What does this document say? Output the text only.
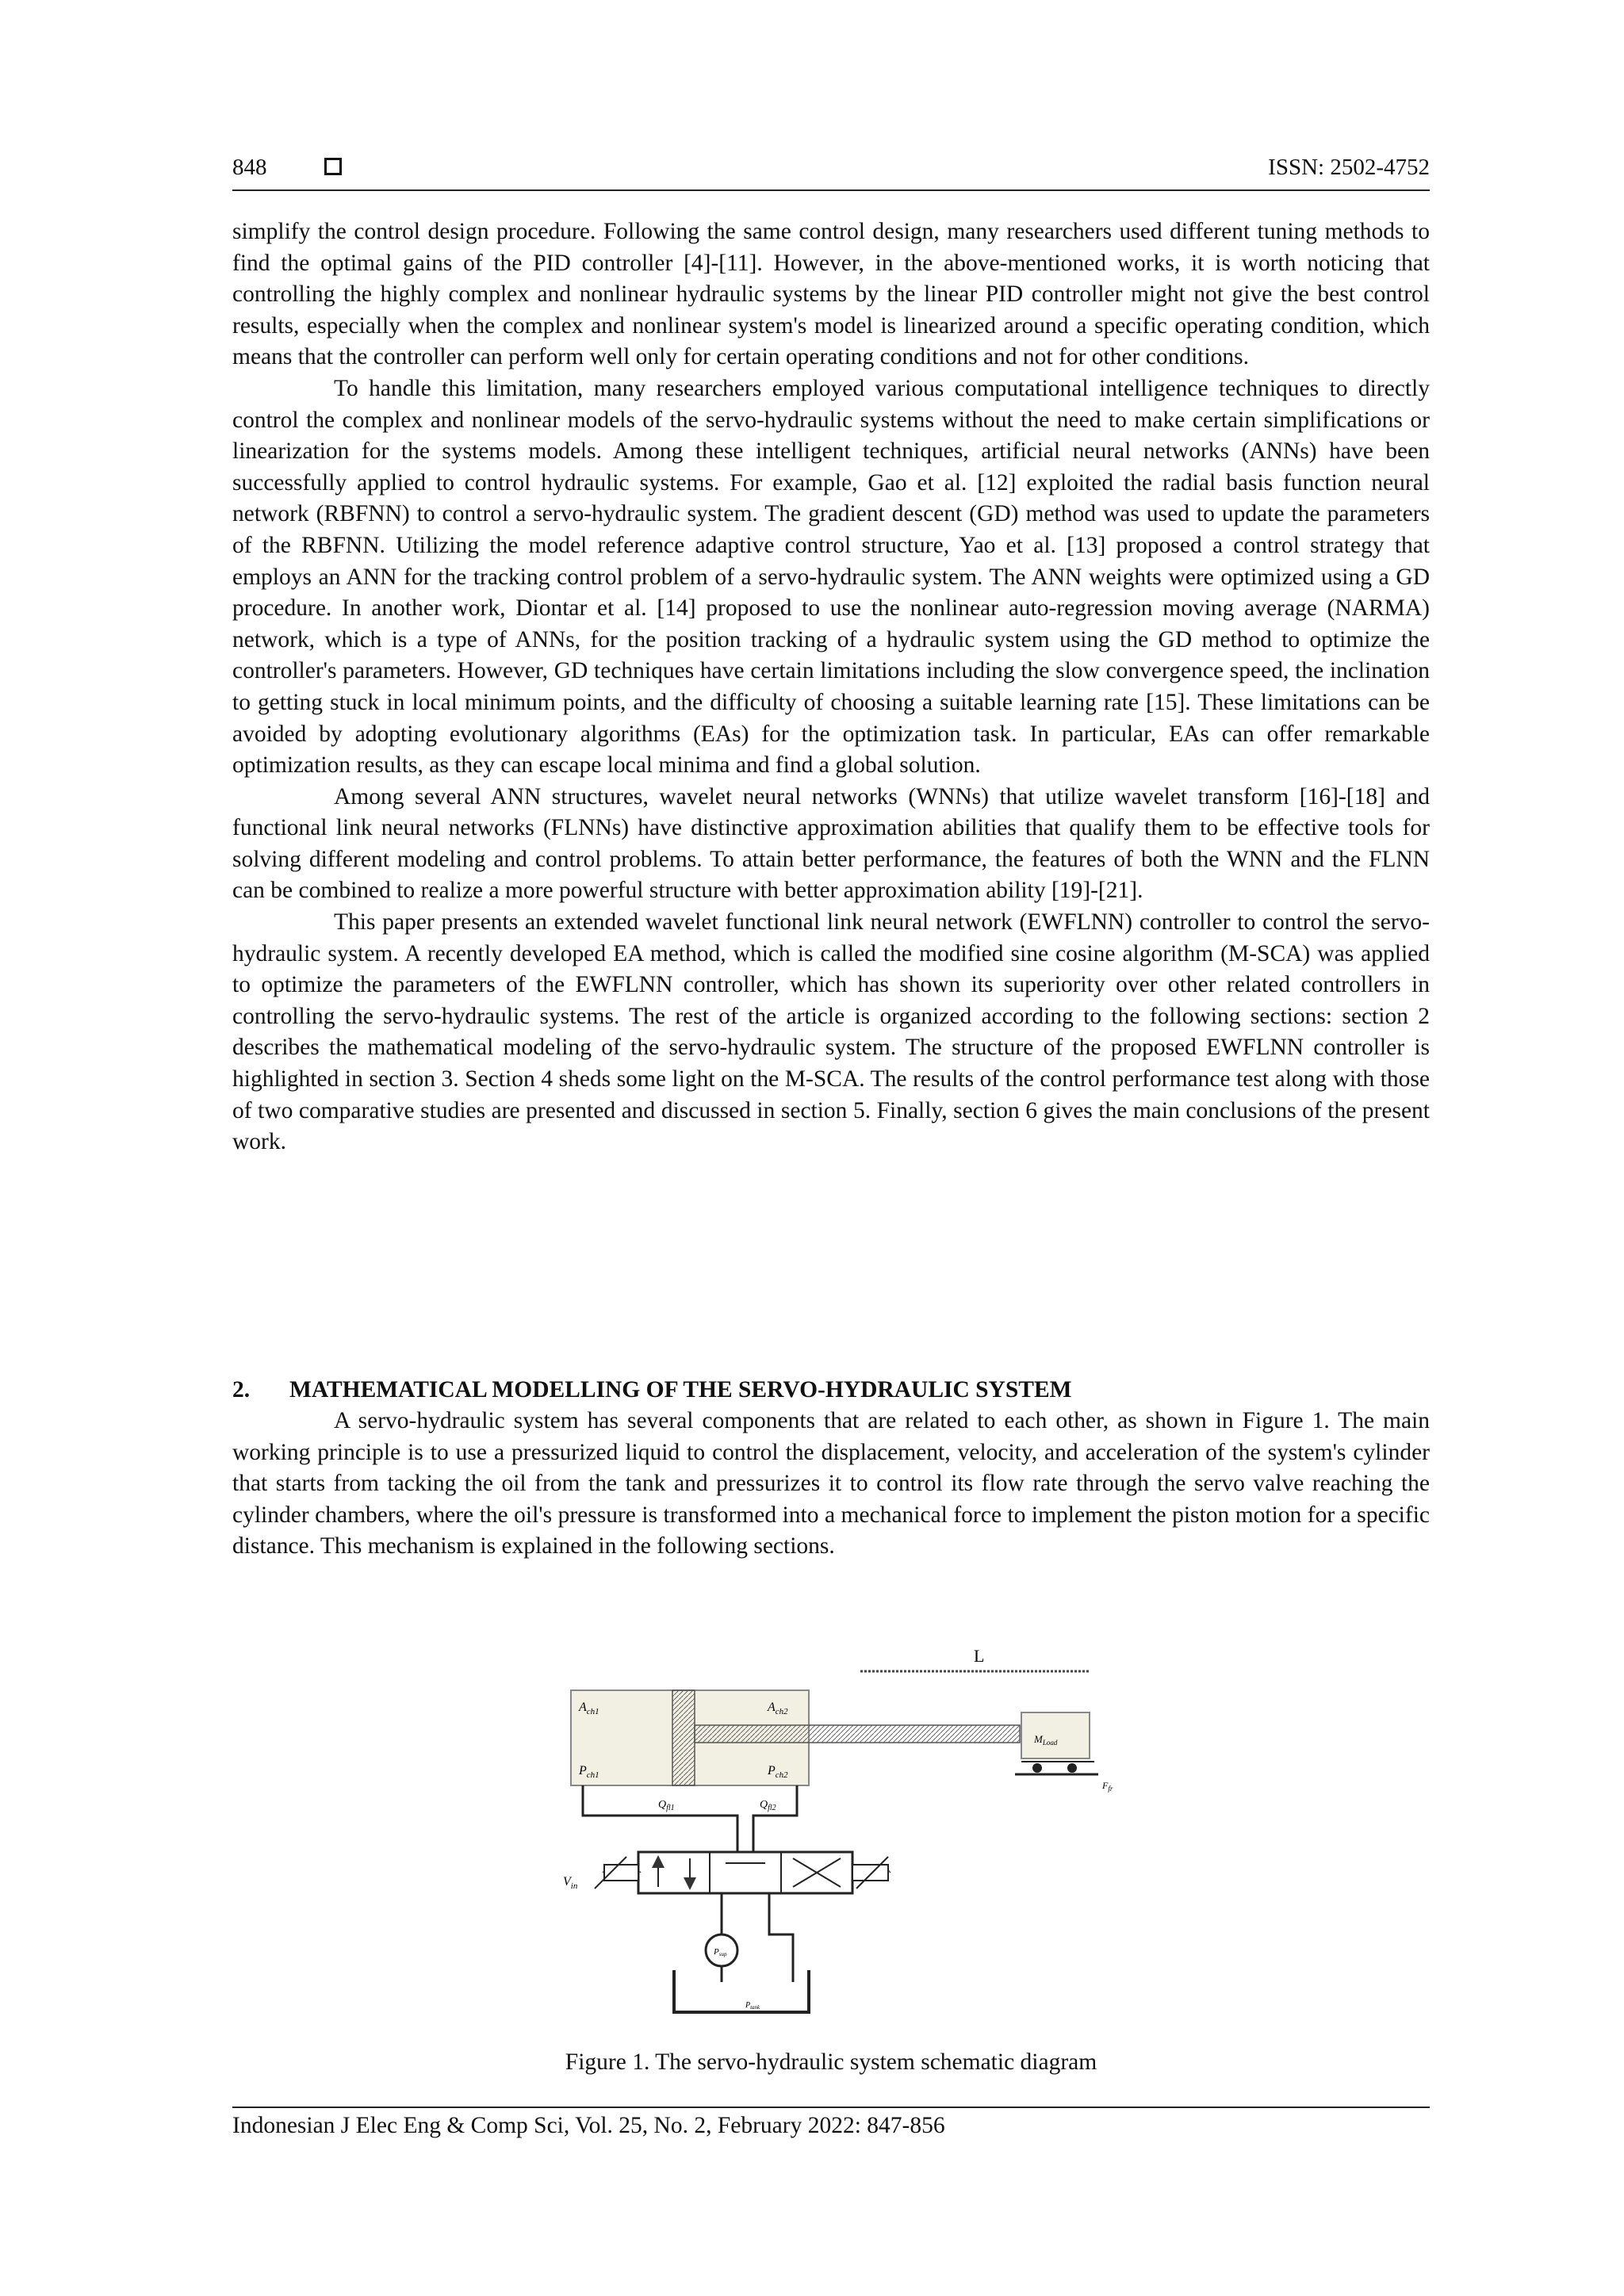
848	ISSN: 2502-4752

simplify the control design procedure. Following the same control design, many researchers used different tuning methods to find the optimal gains of the PID controller [4]-[11]. However, in the above-mentioned works, it is worth noticing that controlling the highly complex and nonlinear hydraulic systems by the linear PID controller might not give the best control results, especially when the complex and nonlinear system's model is linearized around a specific operating condition, which means that the controller can perform well only for certain operating conditions and not for other conditions.

To handle this limitation, many researchers employed various computational intelligence techniques to directly control the complex and nonlinear models of the servo-hydraulic systems without the need to make certain simplifications or linearization for the systems models. Among these intelligent techniques, artificial neural networks (ANNs) have been successfully applied to control hydraulic systems. For example, Gao et al. [12] exploited the radial basis function neural network (RBFNN) to control a servo-hydraulic system. The gradient descent (GD) method was used to update the parameters of the RBFNN. Utilizing the model reference adaptive control structure, Yao et al. [13] proposed a control strategy that employs an ANN for the tracking control problem of a servo-hydraulic system. The ANN weights were optimized using a GD procedure. In another work, Diontar et al. [14] proposed to use the nonlinear auto-regression moving average (NARMA) network, which is a type of ANNs, for the position tracking of a hydraulic system using the GD method to optimize the controller's parameters. However, GD techniques have certain limitations including the slow convergence speed, the inclination to getting stuck in local minimum points, and the difficulty of choosing a suitable learning rate [15]. These limitations can be avoided by adopting evolutionary algorithms (EAs) for the optimization task. In particular, EAs can offer remarkable optimization results, as they can escape local minima and find a global solution.

Among several ANN structures, wavelet neural networks (WNNs) that utilize wavelet transform [16]-[18] and functional link neural networks (FLNNs) have distinctive approximation abilities that qualify them to be effective tools for solving different modeling and control problems. To attain better performance, the features of both the WNN and the FLNN can be combined to realize a more powerful structure with better approximation ability [19]-[21].

This paper presents an extended wavelet functional link neural network (EWFLNN) controller to control the servo-hydraulic system. A recently developed EA method, which is called the modified sine cosine algorithm (M-SCA) was applied to optimize the parameters of the EWFLNN controller, which has shown its superiority over other related controllers in controlling the servo-hydraulic systems. The rest of the article is organized according to the following sections: section 2 describes the mathematical modeling of the servo-hydraulic system. The structure of the proposed EWFLNN controller is highlighted in section 3. Section 4 sheds some light on the M-SCA. The results of the control performance test along with those of two comparative studies are presented and discussed in section 5. Finally, section 6 gives the main conclusions of the present work.

2. MATHEMATICAL MODELLING OF THE SERVO-HYDRAULIC SYSTEM

A servo-hydraulic system has several components that are related to each other, as shown in Figure 1. The main working principle is to use a pressurized liquid to control the displacement, velocity, and acceleration of the system's cylinder that starts from tacking the oil from the tank and pressurizes it to control its flow rate through the servo valve reaching the cylinder chambers, where the oil's pressure is transformed into a mechanical force to implement the piston motion for a specific distance. This mechanism is explained in the following sections.

L
$A_{ch1}$	$A_{ch2}$
$P_{ch1}$	$P_{ch2}$
$M_{Load}$
$F_{fr}$
$Q_{fl1}$	$Q_{fl2}$
$V_{in}$
Psup
$P_{tank}$
Figure 1. The servo-hydraulic system schematic diagram
Indonesian J Elec Eng & Comp Sci, Vol. 25, No. 2, February 2022: 847-856
